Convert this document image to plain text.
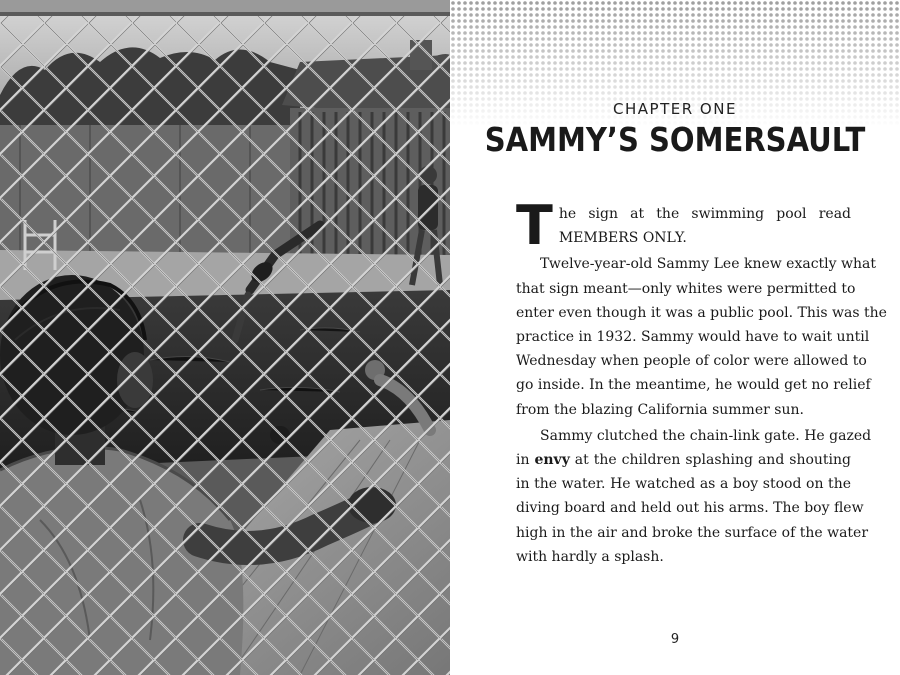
CHAPTER ONE
SAMMY’S SOMERSAULT
T he sign at the swimming pool read
MEMBERS ONLY.
Twelve-year-old Sammy Lee knew exactly what
that sign meant—only whites were permitted to
enter even though it was a public pool. This was the
practice in 1932. Sammy would have to wait until
Wednesday when people of color were allowed to
go inside. In the meantime, he would get no relief
from the blazing California summer sun.
Sammy clutched the chain-link gate. He gazed
in envy at the children splashing and shouting
in the water. He watched as a boy stood on the
diving board and held out his arms. The boy flew
high in the air and broke the surface of the water
with hardly a splash.
9
